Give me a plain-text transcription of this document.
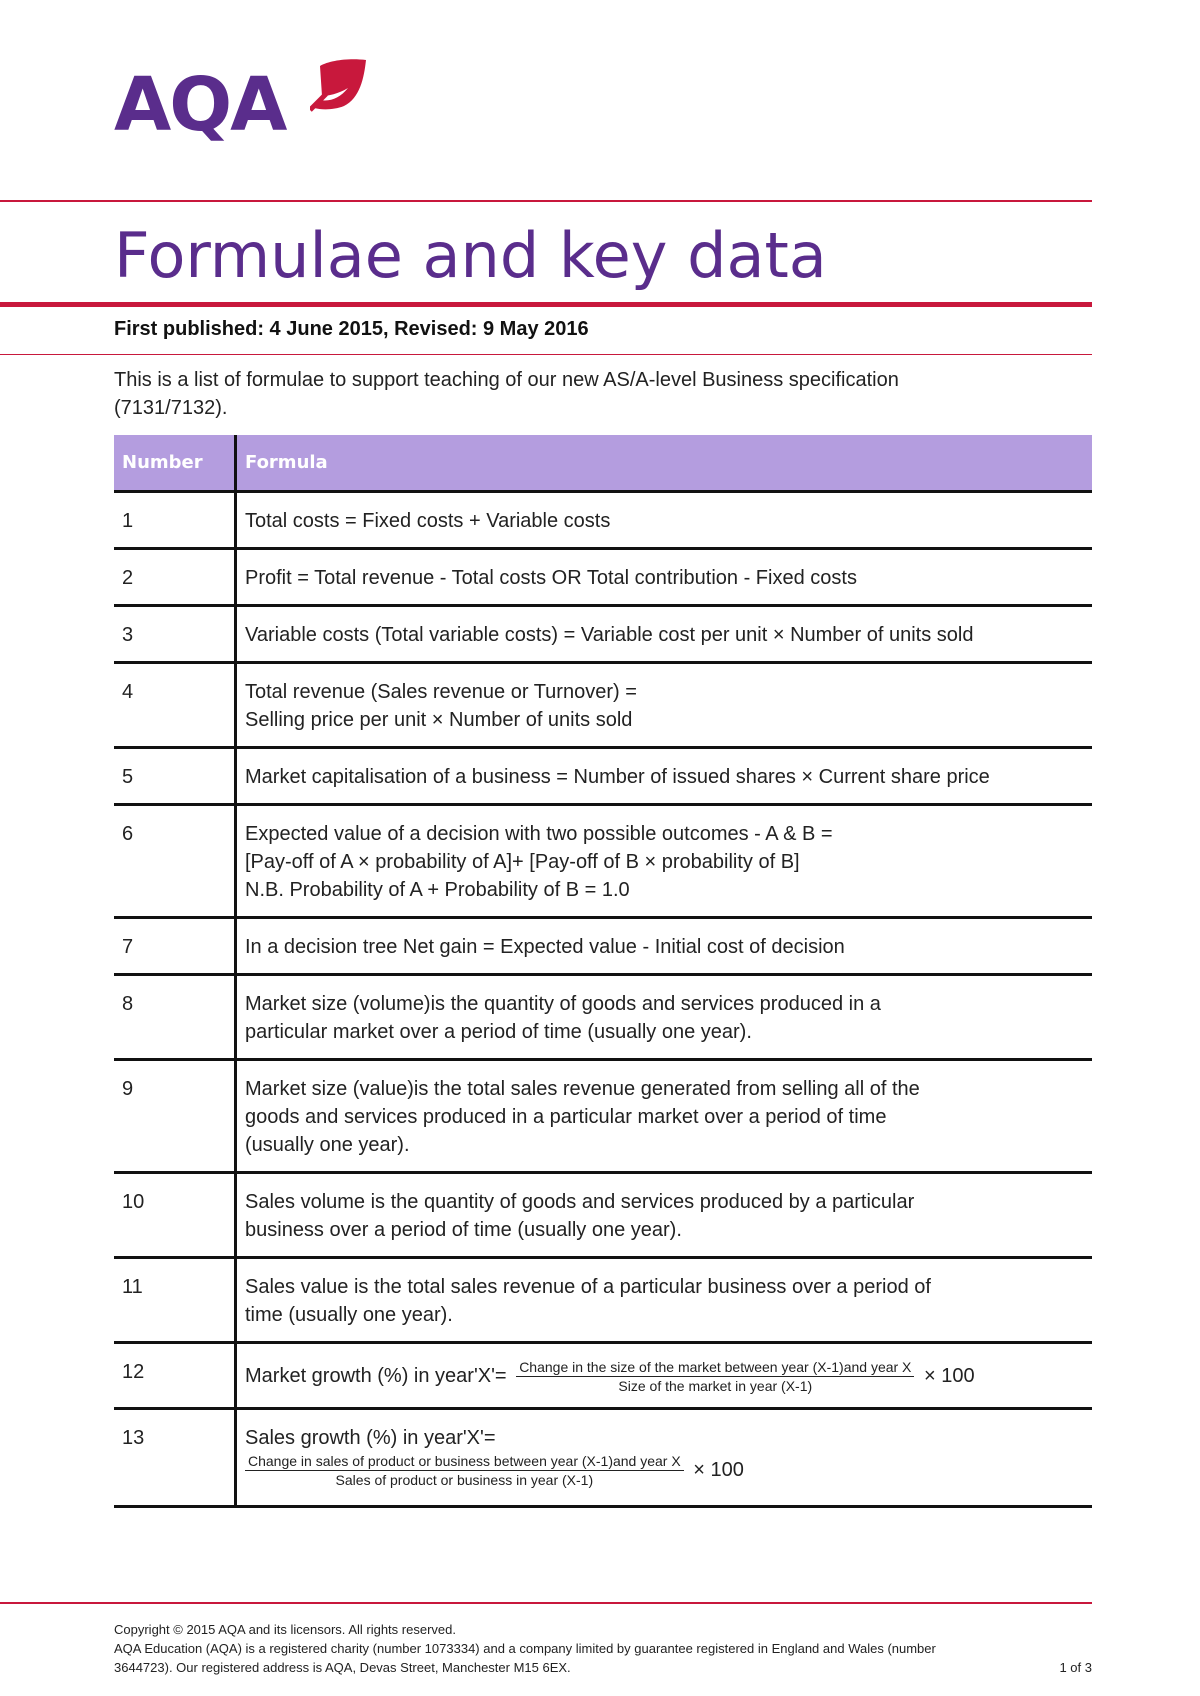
AQA
Formulae and key data
First published: 4 June 2015, Revised: 9 May 2016
This is a list of formulae to support teaching of our new AS/A-level Business specification (7131/7132).
Number	Formula
1	Total costs = Fixed costs + Variable costs

2	Profit = Total revenue - Total costs OR Total contribution - Fixed costs

3	Variable costs (Total variable costs) = Variable cost per unit × Number of units sold

4	Total revenue (Sales revenue or Turnover) =
Selling price per unit × Number of units sold

5	Market capitalisation of a business = Number of issued shares × Current share price

6	Expected value of a decision with two possible outcomes - A & B =
[Pay-off of A × probability of A]+ [Pay-off of B × probability of B]
N.B. Probability of A + Probability of B = 1.0

7	In a decision tree Net gain = Expected value - Initial cost of decision

8	Market size (volume)is the quantity of goods and services produced in a
particular market over a period of time (usually one year).

9	Market size (value)is the total sales revenue generated from selling all of the
goods and services produced in a particular market over a period of time
(usually one year).

10	Sales volume is the quantity of goods and services produced by a particular
business over a period of time (usually one year).

11	Sales value is the total sales revenue of a particular business over a period of
time (usually one year).

12	Market growth (%) in year'X'= Change in the size of the market between year (X-1)and year X
Size of the market in year (X-1) × 100
13	Sales growth (%) in year'X'=
Change in sales of product or business between year (X-1)and year X
Sales of product or business in year (X-1) × 100
Copyright © 2015 AQA and its licensors. All rights reserved.
AQA Education (AQA) is a registered charity (number 1073334) and a company limited by guarantee registered in England and Wales (number
3644723). Our registered address is AQA, Devas Street, Manchester M15 6EX.	1 of 3
